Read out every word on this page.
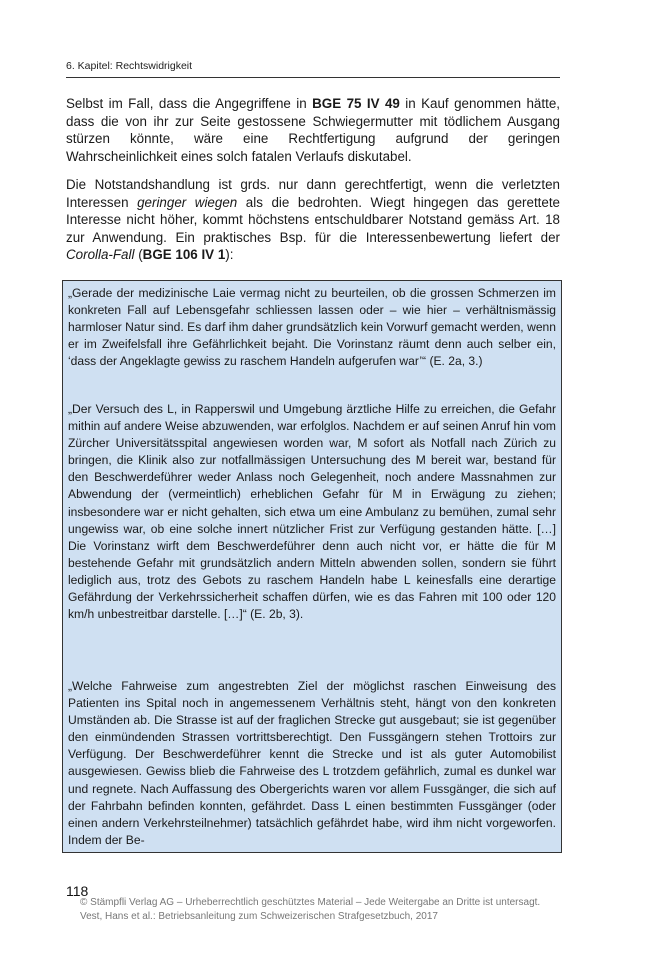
6. Kapitel: Rechtswidrigkeit

Selbst im Fall, dass die Angegriffene in BGE 75 IV 49 in Kauf genommen hätte, dass die von ihr zur Seite gestossene Schwiegermutter mit tödlichem Ausgang stürzen könnte, wäre eine Rechtfertigung aufgrund der geringen Wahrscheinlichkeit eines solch fatalen Verlaufs diskutabel.

Die Notstandshandlung ist grds. nur dann gerechtfertigt, wenn die verletzten Interessen geringer wiegen als die bedrohten. Wiegt hingegen das gerettete Interesse nicht höher, kommt höchstens entschuldbarer Notstand gemäss Art. 18 zur Anwendung. Ein praktisches Bsp. für die Interessenbewertung liefert der Corolla-Fall (BGE 106 IV 1):

„Gerade der medizinische Laie vermag nicht zu beurteilen, ob die grossen Schmerzen im konkreten Fall auf Lebensgefahr schliessen lassen oder – wie hier – verhältnismässig harmloser Natur sind. Es darf ihm daher grundsätzlich kein Vorwurf gemacht werden, wenn er im Zweifelsfall ihre Gefährlichkeit bejaht. Die Vorinstanz räumt denn auch selber ein, ‘dass der Angeklagte gewiss zu raschem Handeln aufgerufen war’“ (E. 2a, 3.)

„Der Versuch des L, in Rapperswil und Umgebung ärztliche Hilfe zu erreichen, die Gefahr mithin auf andere Weise abzuwenden, war erfolglos. Nachdem er auf seinen Anruf hin vom Zürcher Universitätsspital angewiesen worden war, M sofort als Notfall nach Zürich zu bringen, die Klinik also zur notfallmässigen Untersuchung des M bereit war, bestand für den Beschwerdeführer weder Anlass noch Gelegenheit, noch andere Massnahmen zur Abwendung der (vermeintlich) erheblichen Gefahr für M in Erwägung zu ziehen; insbesondere war er nicht gehalten, sich etwa um eine Ambulanz zu bemühen, zumal sehr ungewiss war, ob eine solche innert nützlicher Frist zur Verfügung gestanden hätte. […] Die Vorinstanz wirft dem Beschwerdeführer denn auch nicht vor, er hätte die für M bestehende Gefahr mit grundsätzlich andern Mitteln abwenden sollen, sondern sie führt lediglich aus, trotz des Gebots zu raschem Handeln habe L keinesfalls eine derartige Gefährdung der Verkehrssicherheit schaffen dürfen, wie es das Fahren mit 100 oder 120 km/h unbestreitbar darstelle. […]“ (E. 2b, 3).

„Welche Fahrweise zum angestrebten Ziel der möglichst raschen Einweisung des Patienten ins Spital noch in angemessenem Verhältnis steht, hängt von den konkreten Umständen ab. Die Strasse ist auf der fraglichen Strecke gut ausgebaut; sie ist gegenüber den einmündenden Strassen vortrittsberechtigt. Den Fussgängern stehen Trottoirs zur Verfügung. Der Beschwerdeführer kennt die Strecke und ist als guter Automobilist ausgewiesen. Gewiss blieb die Fahrweise des L trotzdem gefährlich, zumal es dunkel war und regnete. Nach Auffassung des Obergerichts waren vor allem Fussgänger, die sich auf der Fahrbahn befinden konnten, gefährdet. Dass L einen bestimmten Fussgänger (oder einen andern Verkehrsteilnehmer) tatsächlich gefährdet habe, wird ihm nicht vorgeworfen. Indem der Be-

118

© Stämpfli Verlag AG – Urheberrechtlich geschütztes Material – Jede Weitergabe an Dritte ist untersagt.

Vest, Hans et al.: Betriebsanleitung zum Schweizerischen Strafgesetzbuch, 2017
